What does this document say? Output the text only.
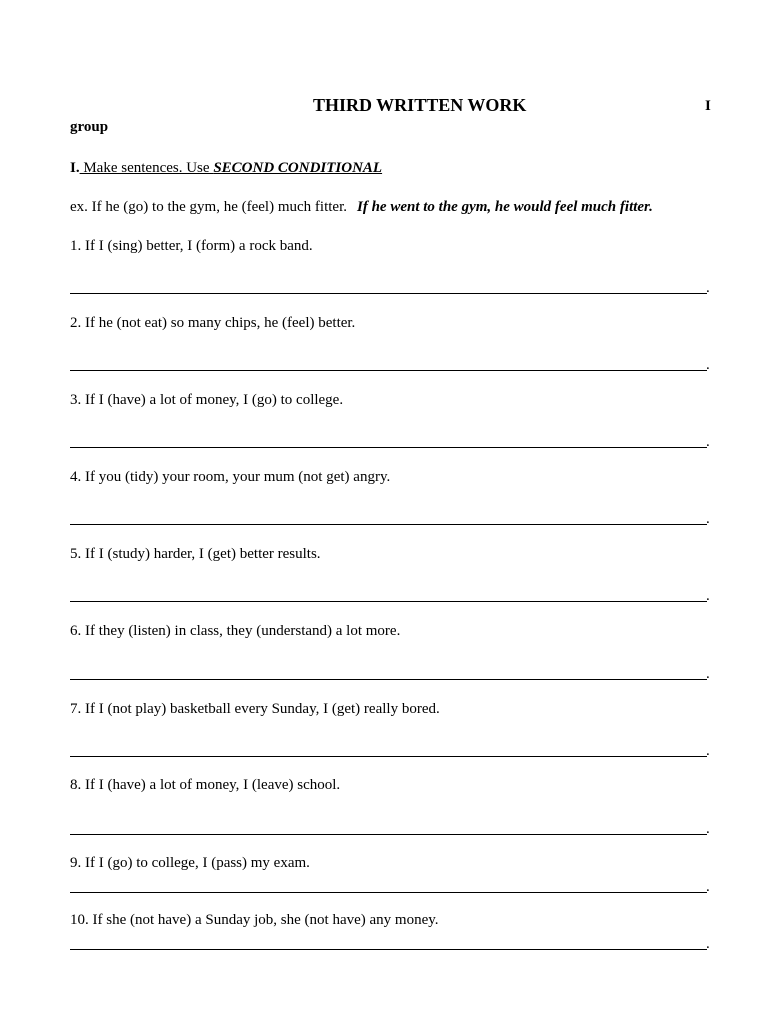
THIRD WRITTEN WORK	I
group
I. Make sentences. Use SECOND CONDITIONAL
ex. If he (go) to the gym, he (feel) much fitter. If he went to the gym, he would feel much fitter.
1. If I (sing) better, I (form) a rock band.
.
2. If he (not eat) so many chips, he (feel) better.
.
3. If I (have) a lot of money, I (go) to college.
.
4. If you (tidy) your room, your mum (not get) angry.
.
5. If I (study) harder, I (get) better results.
.
6. If they (listen) in class, they (understand) a lot more.
.
7. If I (not play) basketball every Sunday, I (get) really bored.
.
8. If I (have) a lot of money, I (leave) school.
.
9. If I (go) to college, I (pass) my exam.
.
10. If she (not have) a Sunday job, she (not have) any money.
.
